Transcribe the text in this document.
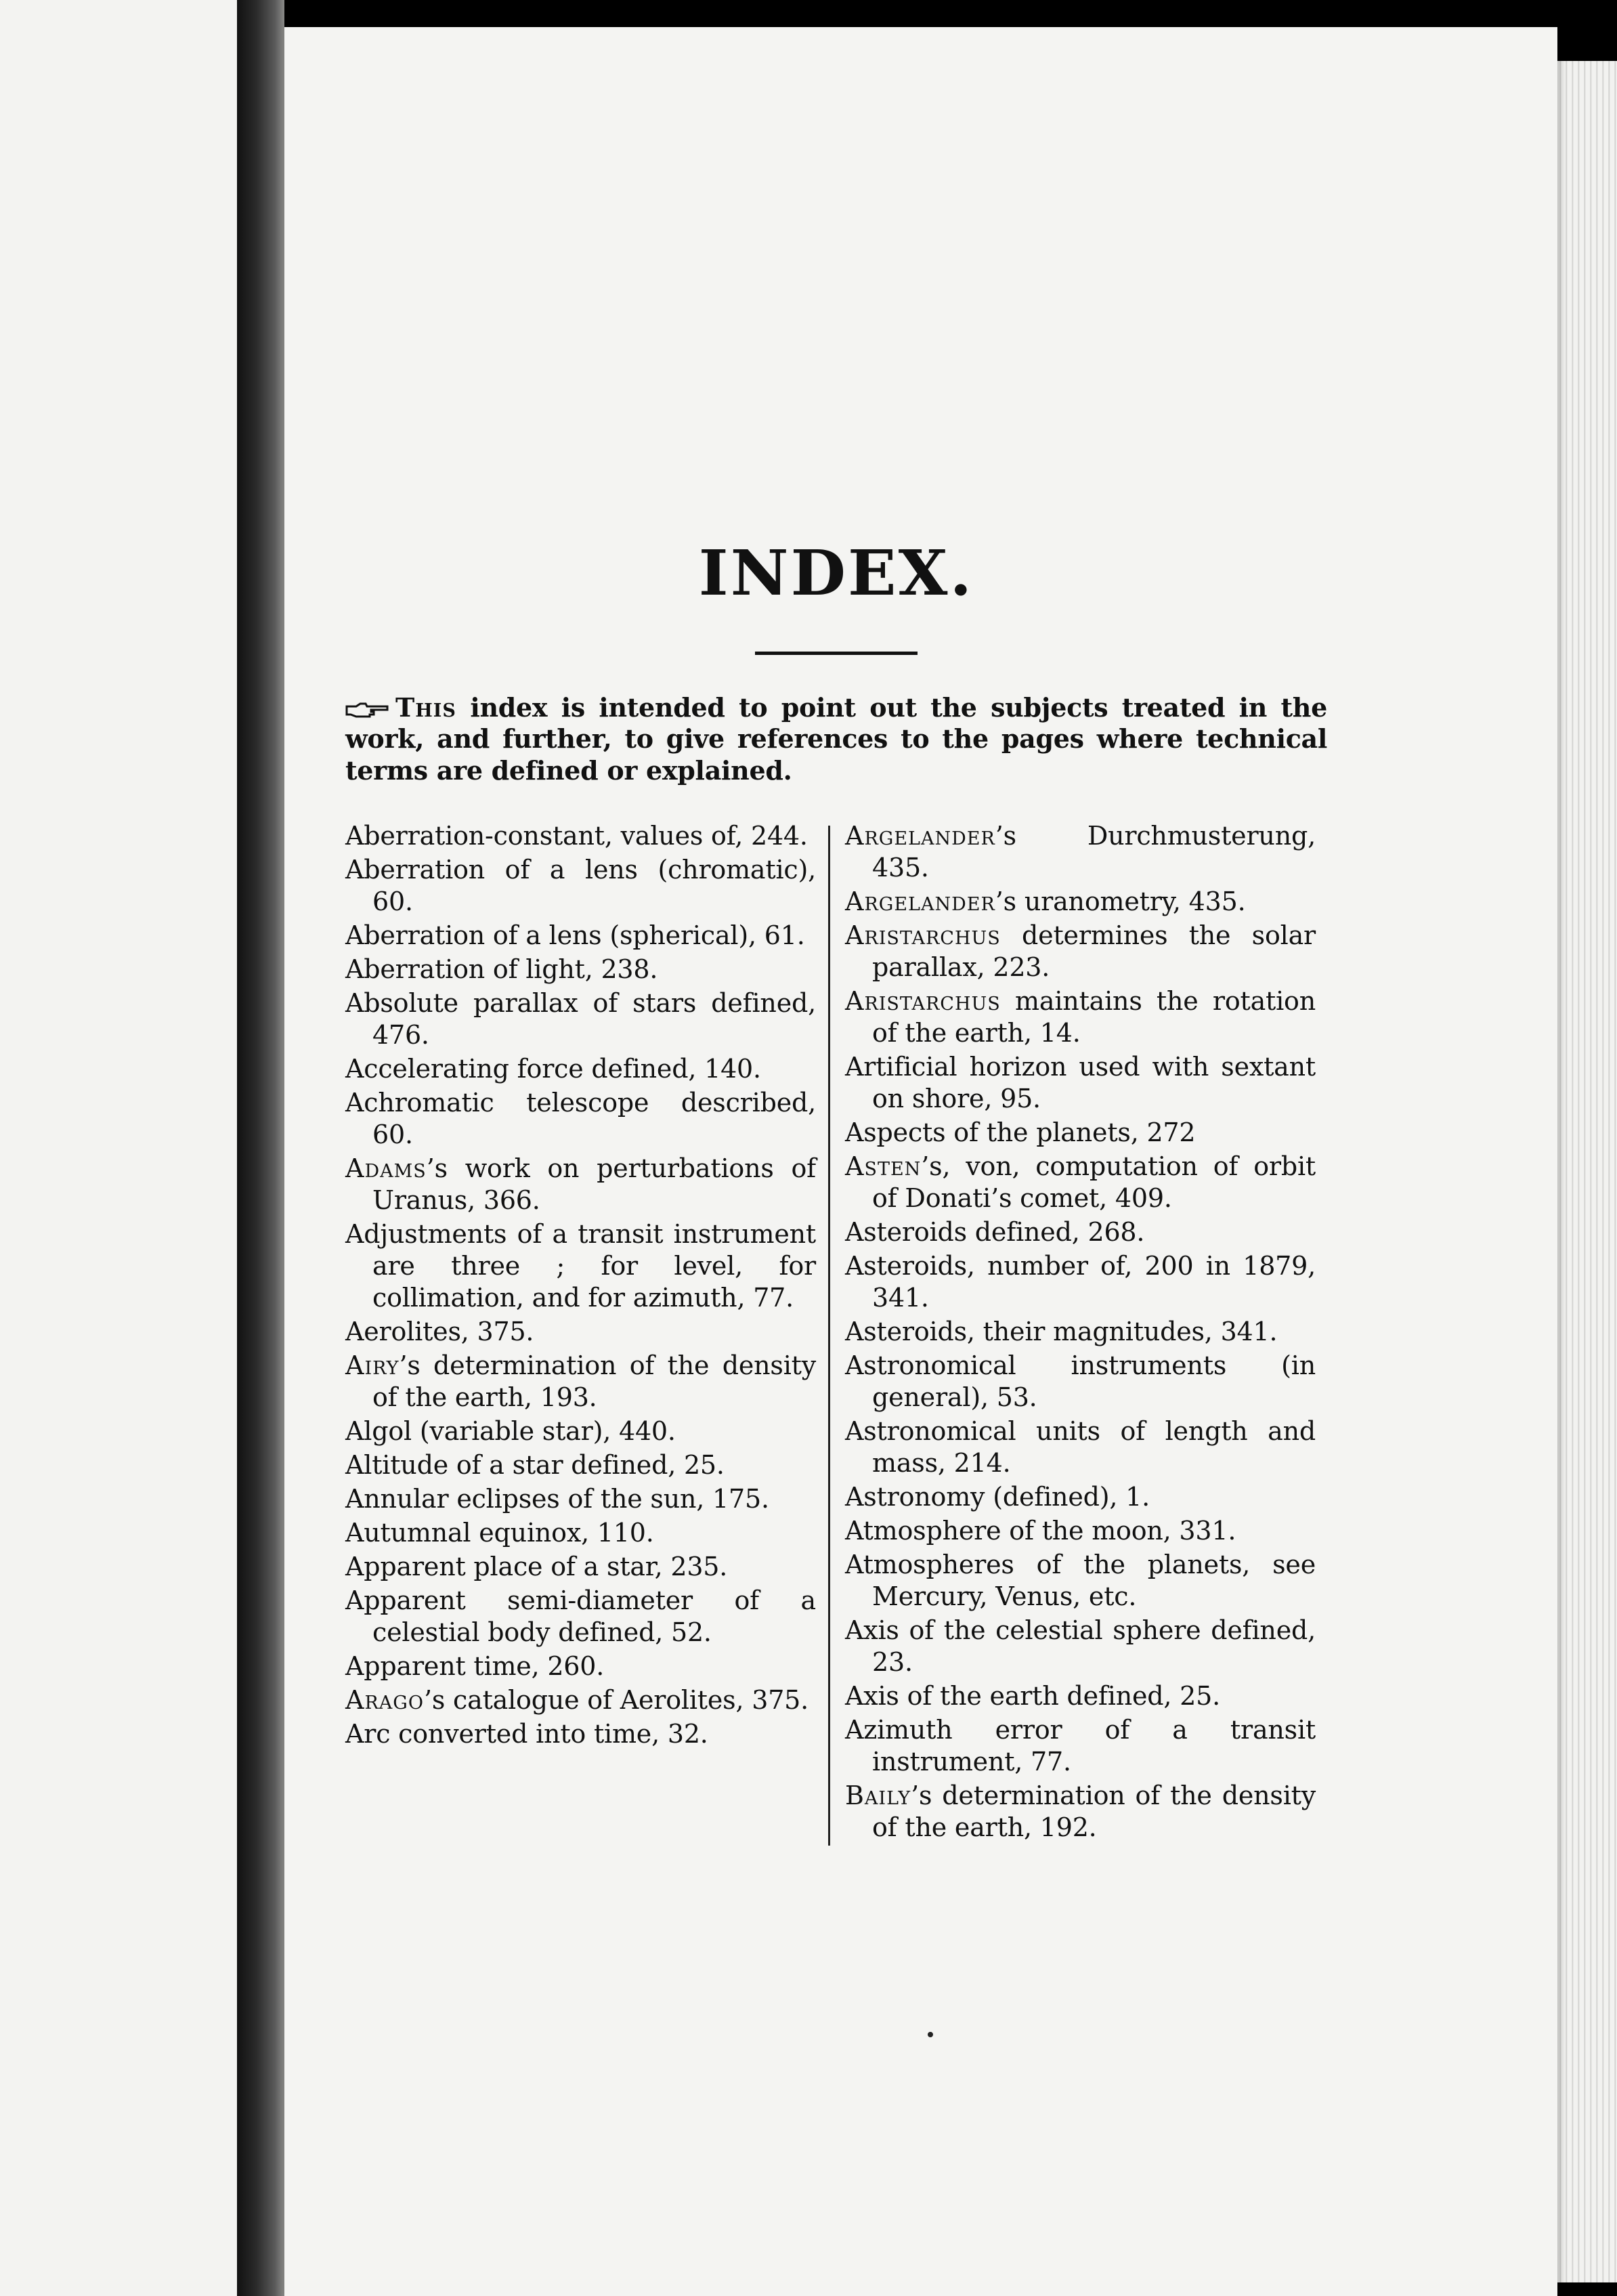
INDEX.

This index is intended to point out the subjects treated in the work, and further, to give references to the pages where technical terms are defined or explained.

Aberration-constant, values of, 244.
Aberration of a lens (chromatic), 60.
Aberration of a lens (spherical), 61.
Aberration of light, 238.
Absolute parallax of stars defined, 476.
Accelerating force defined, 140.
Achromatic telescope described, 60.
Adams’s work on perturbations of Uranus, 366.
Adjustments of a transit instrument are three ; for level, for collimation, and for azimuth, 77.
Aerolites, 375.
Airy’s determination of the density of the earth, 193.
Algol (variable star), 440.
Altitude of a star defined, 25.
Annular eclipses of the sun, 175.
Autumnal equinox, 110.
Apparent place of a star, 235.
Apparent semi-diameter of a celestial body defined, 52.
Apparent time, 260.
Arago’s catalogue of Aerolites, 375.
Arc converted into time, 32.
Argelander’s Durchmusterung, 435.
Argelander’s uranometry, 435.
Aristarchus determines the solar parallax, 223.
Aristarchus maintains the rotation of the earth, 14.
Artificial horizon used with sextant on shore, 95.
Aspects of the planets, 272
Asten’s, von, computation of orbit of Donati’s comet, 409.
Asteroids defined, 268.
Asteroids, number of, 200 in 1879, 341.
Asteroids, their magnitudes, 341.
Astronomical instruments (in general), 53.
Astronomical units of length and mass, 214.
Astronomy (defined), 1.
Atmosphere of the moon, 331.
Atmospheres of the planets, see Mercury, Venus, etc.
Axis of the celestial sphere defined, 23.
Axis of the earth defined, 25.
Azimuth error of a transit instrument, 77.
Baily’s determination of the density of the earth, 192.
